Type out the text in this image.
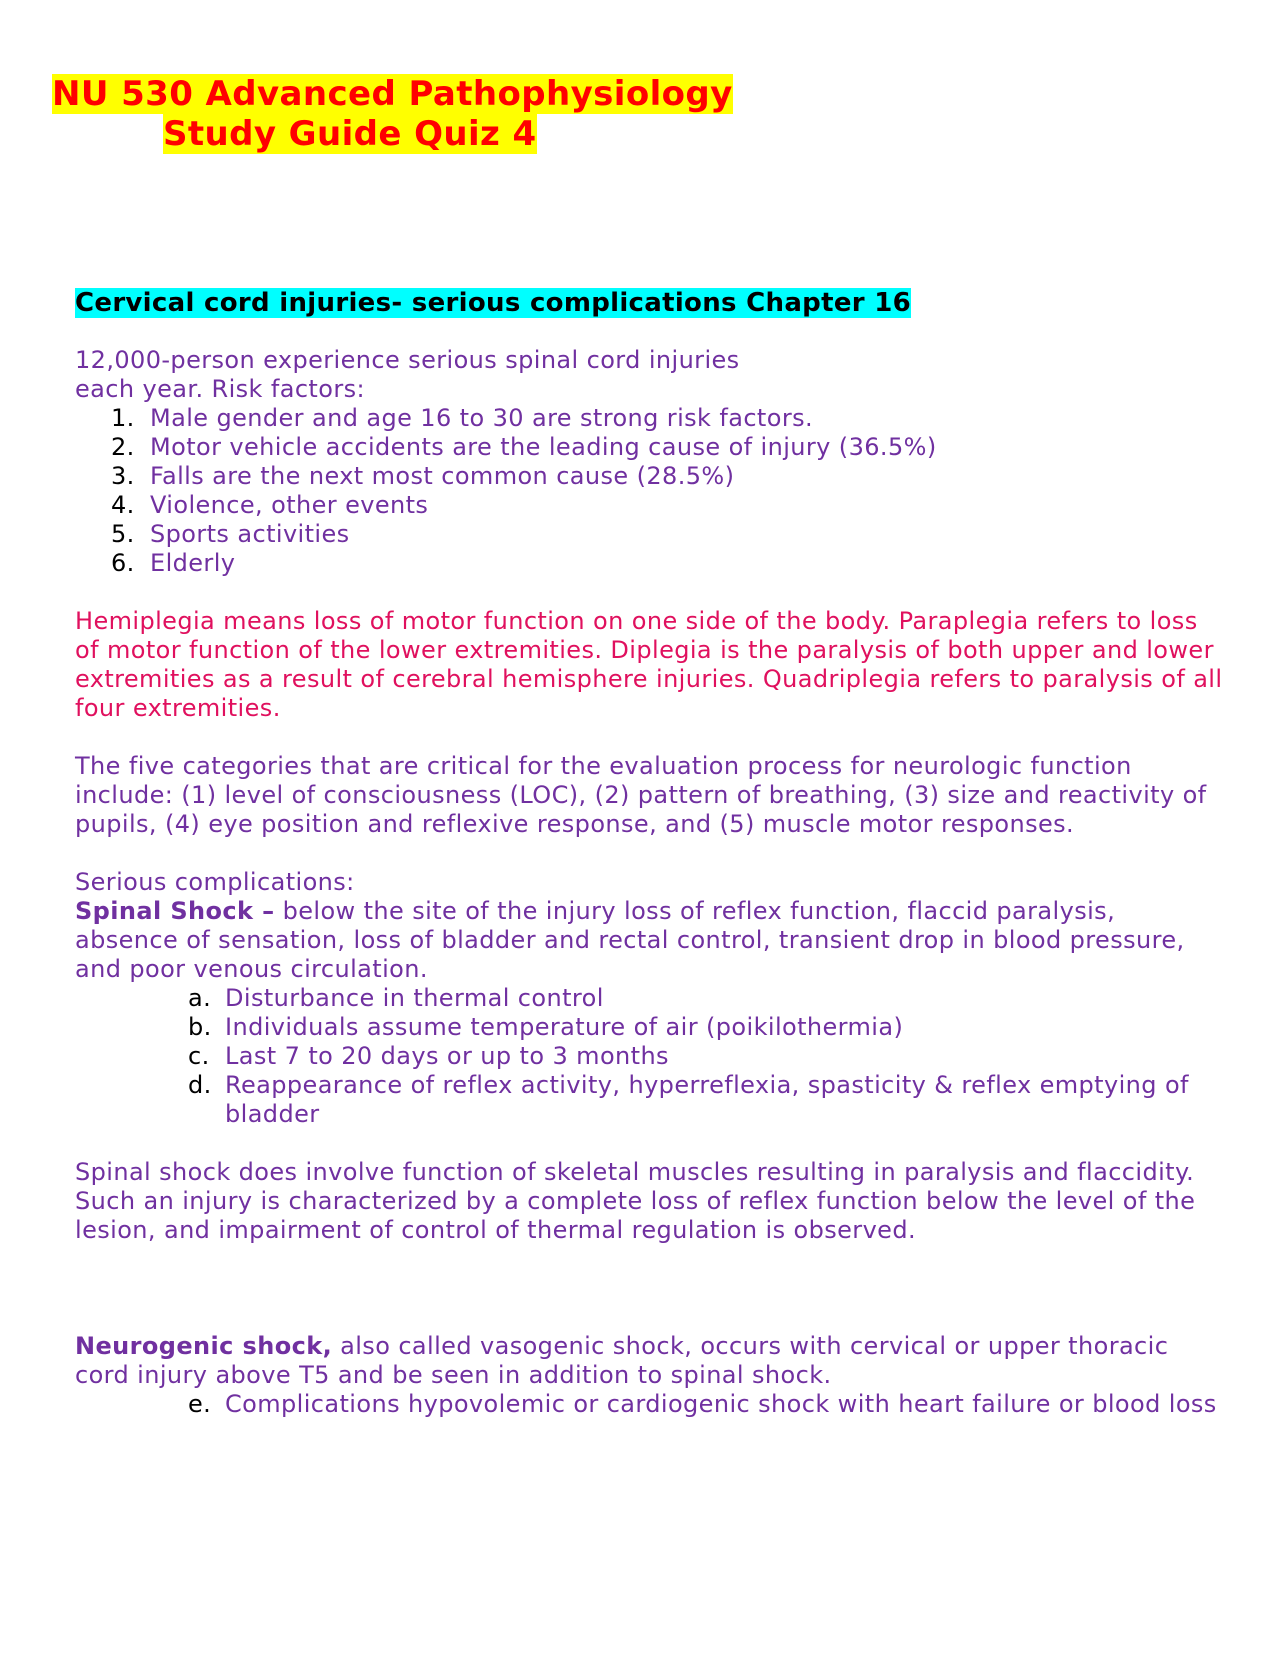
NU 530 Advanced Pathophysiology
Study Guide Quiz 4
Cervical cord injuries- serious complications Chapter 16

12,000-person experience serious spinal cord injuries

each year. Risk factors:

1. Male gender and age 16 to 30 are strong risk factors.
2. Motor vehicle accidents are the leading cause of injury (36.5%)
3. Falls are the next most common cause (28.5%)
4. Violence, other events
5. Sports activities
6. Elderly

Hemiplegia means loss of motor function on one side of the body. Paraplegia refers to loss of motor function of the lower extremities. Diplegia is the paralysis of both upper and lower extremities as a result of cerebral hemisphere injuries. Quadriplegia refers to paralysis of all four extremities.

The five categories that are critical for the evaluation process for neurologic function include: (1) level of consciousness (LOC), (2) pattern of breathing, (3) size and reactivity of pupils, (4) eye position and reflexive response, and (5) muscle motor responses.

Serious complications:

Spinal Shock – below the site of the injury loss of reflex function, flaccid paralysis, absence of sensation, loss of bladder and rectal control, transient drop in blood pressure, and poor venous circulation.

a. Disturbance in thermal control
b. Individuals assume temperature of air (poikilothermia)
c. Last 7 to 20 days or up to 3 months
d. Reappearance of reflex activity, hyperreflexia, spasticity & reflex emptying of bladder

Spinal shock does involve function of skeletal muscles resulting in paralysis and flaccidity. Such an injury is characterized by a complete loss of reflex function below the level of the lesion, and impairment of control of thermal regulation is observed.

Neurogenic shock, also called vasogenic shock, occurs with cervical or upper thoracic cord injury above T5 and be seen in addition to spinal shock.

e. Complications hypovolemic or cardiogenic shock with heart failure or blood loss
